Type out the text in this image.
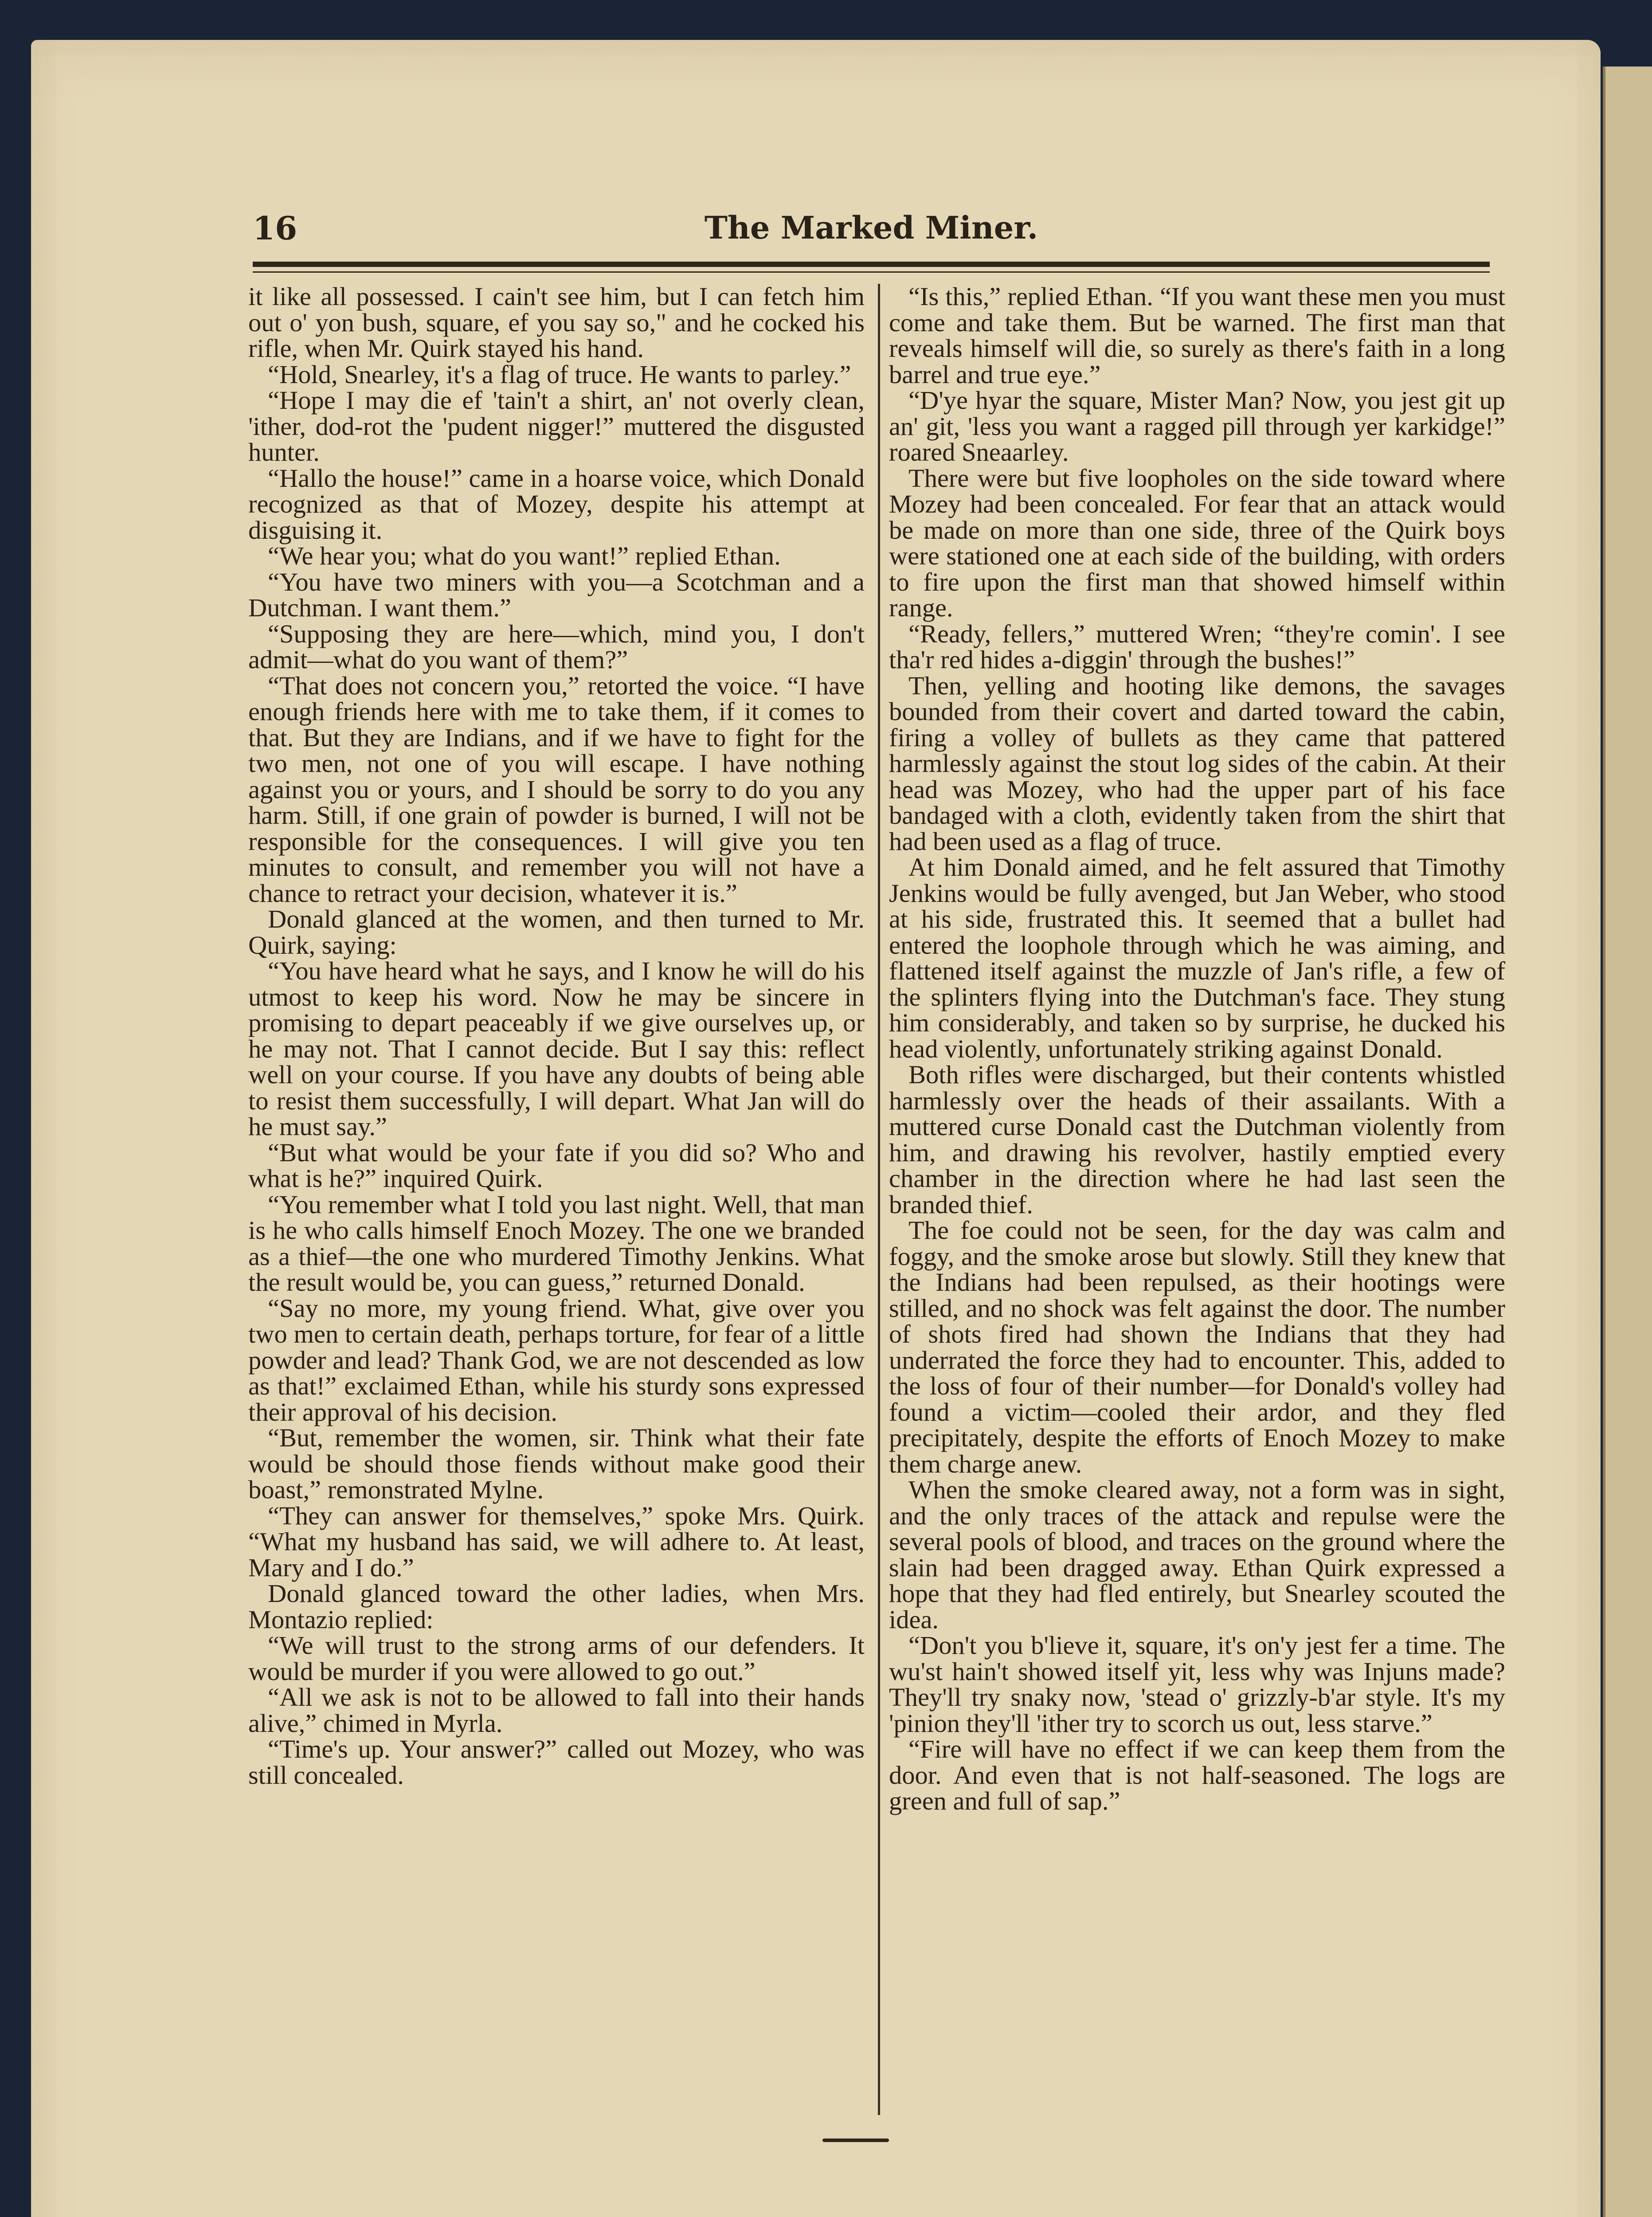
16	The Marked Miner.

it like all possessed. I cain't see him, but I can fetch him out o' yon bush, square, ef you say so," and he cocked his rifle, when Mr. Quirk stayed his hand.

“Hold, Snearley, it's a flag of truce. He wants to parley.”

“Hope I may die ef 'tain't a shirt, an' not overly clean, 'ither, dod-rot the 'pudent nigger!” muttered the disgusted hunter.

“Hallo the house!” came in a hoarse voice, which Donald recognized as that of Mozey, despite his attempt at disguising it.

“We hear you; what do you want!” replied Ethan.

“You have two miners with you—a Scotchman and a Dutchman. I want them.”

“Supposing they are here—which, mind you, I don't admit—what do you want of them?”

“That does not concern you,” retorted the voice. “I have enough friends here with me to take them, if it comes to that. But they are Indians, and if we have to fight for the two men, not one of you will escape. I have nothing against you or yours, and I should be sorry to do you any harm. Still, if one grain of powder is burned, I will not be responsible for the consequences. I will give you ten minutes to consult, and remember you will not have a chance to retract your decision, whatever it is.”

Donald glanced at the women, and then turned to Mr. Quirk, saying:

“You have heard what he says, and I know he will do his utmost to keep his word. Now he may be sincere in promising to depart peaceably if we give ourselves up, or he may not. That I cannot decide. But I say this: reflect well on your course. If you have any doubts of being able to resist them successfully, I will depart. What Jan will do he must say.”

“But what would be your fate if you did so? Who and what is he?” inquired Quirk.

“You remember what I told you last night. Well, that man is he who calls himself Enoch Mozey. The one we branded as a thief—the one who murdered Timothy Jenkins. What the result would be, you can guess,” returned Donald.

“Say no more, my young friend. What, give over you two men to certain death, perhaps torture, for fear of a little powder and lead? Thank God, we are not descended as low as that!” exclaimed Ethan, while his sturdy sons expressed their approval of his decision.

“But, remember the women, sir. Think what their fate would be should those fiends without make good their boast,” remonstrated Mylne.

“They can answer for themselves,” spoke Mrs. Quirk. “What my husband has said, we will adhere to. At least, Mary and I do.”

Donald glanced toward the other ladies, when Mrs. Montazio replied:

“We will trust to the strong arms of our defenders. It would be murder if you were allowed to go out.”

“All we ask is not to be allowed to fall into their hands alive,” chimed in Myrla.

“Time's up. Your answer?” called out Mozey, who was still concealed.

“Is this,” replied Ethan. “If you want these men you must come and take them. But be warned. The first man that reveals himself will die, so surely as there's faith in a long barrel and true eye.”

“D'ye hyar the square, Mister Man? Now, you jest git up an' git, 'less you want a ragged pill through yer karkidge!” roared Sneaarley.

There were but five loopholes on the side toward where Mozey had been concealed. For fear that an attack would be made on more than one side, three of the Quirk boys were stationed one at each side of the building, with orders to fire upon the first man that showed himself within range.

“Ready, fellers,” muttered Wren; “they're comin'. I see tha'r red hides a-diggin' through the bushes!”

Then, yelling and hooting like demons, the savages bounded from their covert and darted toward the cabin, firing a volley of bullets as they came that pattered harmlessly against the stout log sides of the cabin. At their head was Mozey, who had the upper part of his face bandaged with a cloth, evidently taken from the shirt that had been used as a flag of truce.

At him Donald aimed, and he felt assured that Timothy Jenkins would be fully avenged, but Jan Weber, who stood at his side, frustrated this. It seemed that a bullet had entered the loophole through which he was aiming, and flattened itself against the muzzle of Jan's rifle, a few of the splinters flying into the Dutchman's face. They stung him considerably, and taken so by surprise, he ducked his head violently, unfortunately striking against Donald.

Both rifles were discharged, but their contents whistled harmlessly over the heads of their assailants. With a muttered curse Donald cast the Dutchman violently from him, and drawing his revolver, hastily emptied every chamber in the direction where he had last seen the branded thief.

The foe could not be seen, for the day was calm and foggy, and the smoke arose but slowly. Still they knew that the Indians had been repulsed, as their hootings were stilled, and no shock was felt against the door. The number of shots fired had shown the Indians that they had underrated the force they had to encounter. This, added to the loss of four of their number—for Donald's volley had found a victim—cooled their ardor, and they fled precipitately, despite the efforts of Enoch Mozey to make them charge anew.

When the smoke cleared away, not a form was in sight, and the only traces of the attack and repulse were the several pools of blood, and traces on the ground where the slain had been dragged away. Ethan Quirk expressed a hope that they had fled entirely, but Snearley scouted the idea.

“Don't you b'lieve it, square, it's on'y jest fer a time. The wu'st hain't showed itself yit, less why was Injuns made? They'll try snaky now, 'stead o' grizzly-b'ar style. It's my 'pinion they'll 'ither try to scorch us out, less starve.”

“Fire will have no effect if we can keep them from the door. And even that is not half-seasoned. The logs are green and full of sap.”
